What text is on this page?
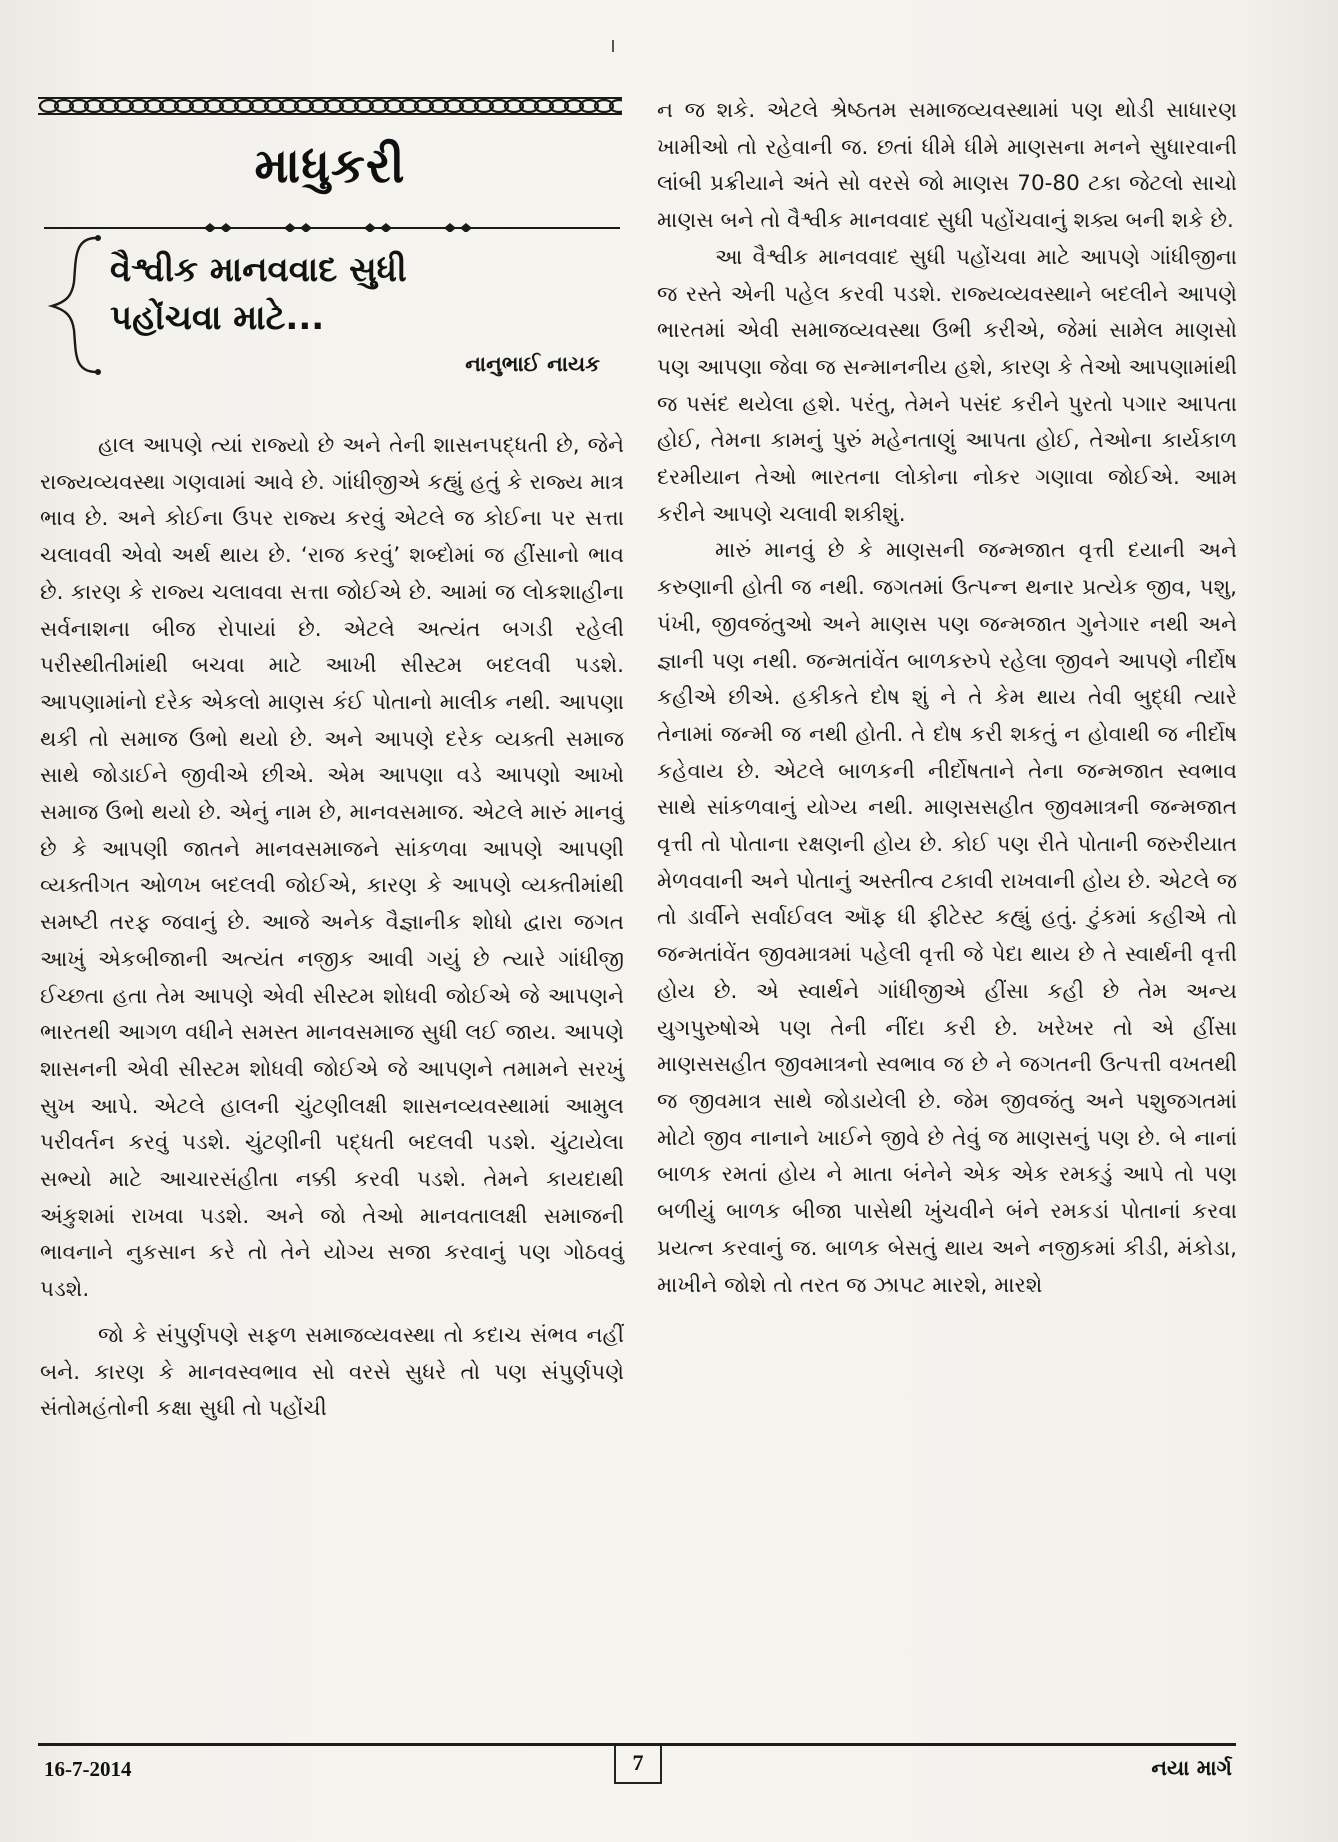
માધુકરી
વૈશ્વીક માનવવાદ સુધી
પહોંચવા માટે...
નાનુભાઈ નાયક

હાલ આપણે ત્યાં રાજ્યો છે અને તેની શાસનપદ્ધતી છે, જેને રાજ્યવ્યવસ્થા ગણવામાં આવે છે. ગાંધીજીએ કહ્યું હતું કે રાજ્ય માત્ર ભાવ છે. અને કોઈના ઉપર રાજ્ય કરવું એટલે જ કોઈના પર સત્તા ચલાવવી એવો અર્થ થાય છે. ‘રાજ કરવું’ શબ્દોમાં જ હીંસાનો ભાવ છે. કારણ કે રાજ્ય ચલાવવા સત્તા જોઈએ છે. આમાં જ લોકશાહીના સર્વનાશના બીજ રોપાયાં છે. એટલે અત્યંત બગડી રહેલી પરીસ્થીતીમાંથી બચવા માટે આખી સીસ્ટમ બદલવી પડશે. આપણામાંનો દરેક એકલો માણસ કંઈ પોતાનો માલીક નથી. આપણા થકી તો સમાજ ઉભો થયો છે. અને આપણે દરેક વ્યક્તી સમાજ સાથે જોડાઈને જીવીએ છીએ. એમ આપણા વડે આપણો આખો સમાજ ઉભો થયો છે. એનું નામ છે, માનવસમાજ. એટલે મારું માનવું છે કે આપણી જાતને માનવસમાજને સાંકળવા આપણે આપણી વ્યક્તીગત ઓળખ બદલવી જોઈએ, કારણ કે આપણે વ્યક્તીમાંથી સમષ્ટી તરફ જવાનું છે. આજે અનેક વૈજ્ઞાનીક શોધો દ્વારા જગત આખું એકબીજાની અત્યંત નજીક આવી ગયું છે ત્યારે ગાંધીજી ઈચ્છતા હતા તેમ આપણે એવી સીસ્ટમ શોધવી જોઈએ જે આપણને ભારતથી આગળ વધીને સમસ્ત માનવસમાજ સુધી લઈ જાય. આપણે શાસનની એવી સીસ્ટમ શોધવી જોઈએ જે આપણને તમામને સરખું સુખ આપે. એટલે હાલની ચુંટણીલક્ષી શાસનવ્યવસ્થામાં આમુલ પરીવર્તન કરવું પડશે. ચુંટણીની પદ્ધતી બદલવી પડશે. ચુંટાયેલા સભ્યો માટે આચારસંહીતા નક્કી કરવી પડશે. તેમને કાયદાથી અંકુશમાં રાખવા પડશે. અને જો તેઓ માનવતાલક્ષી સમાજની ભાવનાને નુકસાન કરે તો તેને યોગ્ય સજા કરવાનું પણ ગોઠવવું પડશે.

જો કે સંપુર્ણપણે સફળ સમાજવ્યવસ્થા તો કદાચ સંભવ નહીં બને. કારણ કે માનવસ્વભાવ સો વરસે સુધરે તો પણ સંપુર્ણપણે સંતોમહંતોની કક્ષા સુધી તો પહોંચી

ન જ શકે. એટલે શ્રેષ્ઠતમ સમાજવ્યવસ્થામાં પણ થોડી સાધારણ ખામીઓ તો રહેવાની જ. છતાં ધીમે ધીમે માણસના મનને સુધારવાની લાંબી પ્રક્રીયાને અંતે સો વરસે જો માણસ 70-80 ટકા જેટલો સાચો માણસ બને તો વૈશ્વીક માનવવાદ સુધી પહોંચવાનું શક્ય બની શકે છે.

આ વૈશ્વીક માનવવાદ સુધી પહોંચવા માટે આપણે ગાંધીજીના જ રસ્તે એની પહેલ કરવી પડશે. રાજ્યવ્યવસ્થાને બદલીને આપણે ભારતમાં એવી સમાજવ્યવસ્થા ઉભી કરીએ, જેમાં સામેલ માણસો પણ આપણા જેવા જ સન્માનનીય હશે, કારણ કે તેઓ આપણામાંથી જ પસંદ થયેલા હશે. પરંતુ, તેમને પસંદ કરીને પુરતો પગાર આપતા હોઈ, તેમના કામનું પુરું મહેનતાણું આપતા હોઈ, તેઓના કાર્યકાળ દરમીયાન તેઓ ભારતના લોકોના નોકર ગણાવા જોઈએ. આમ કરીને આપણે ચલાવી શકીશું.

મારું માનવું છે કે માણસની જન્મજાત વૃત્તી દયાની અને કરુણાની હોતી જ નથી. જગતમાં ઉત્પન્ન થનાર પ્રત્યેક જીવ, પશુ, પંખી, જીવજંતુઓ અને માણસ પણ જન્મજાત ગુનેગાર નથી અને જ્ઞાની પણ નથી. જન્મતાંવેંત બાળકરુપે રહેલા જીવને આપણે નીર્દોષ કહીએ છીએ. હકીકતે દોષ શું ને તે કેમ થાય તેવી બુદ્ધી ત્યારે તેનામાં જન્મી જ નથી હોતી. તે દોષ કરી શકતું ન હોવાથી જ નીર્દોષ કહેવાય છે. એટલે બાળકની નીર્દોષતાને તેના જન્મજાત સ્વભાવ સાથે સાંકળવાનું યોગ્ય નથી. માણસસહીત જીવમાત્રની જન્મજાત વૃત્તી તો પોતાના રક્ષણની હોય છે. કોઈ પણ રીતે પોતાની જરુરીયાત મેળવવાની અને પોતાનું અસ્તીત્વ ટકાવી રાખવાની હોય છે. એટલે જ તો ડાર્વીને સર્વાઈવલ ઑફ ધી ફીટેસ્ટ કહ્યું હતું. ટુંકમાં કહીએ તો જન્મતાંવેંત જીવમાત્રમાં પહેલી વૃત્તી જે પેદા થાય છે તે સ્વાર્થની વૃત્તી હોય છે. એ સ્વાર્થને ગાંધીજીએ હીંસા કહી છે તેમ અન્ય યુગપુરુષોએ પણ તેની નીંદા કરી છે. ખરેખર તો એ હીંસા માણસસહીત જીવમાત્રનો સ્વભાવ જ છે ને જગતની ઉત્પત્તી વખતથી જ જીવમાત્ર સાથે જોડાયેલી છે. જેમ જીવજંતુ અને પશુજગતમાં મોટો જીવ નાનાને ખાઈને જીવે છે તેવું જ માણસનું પણ છે. બે નાનાં બાળક રમતાં હોય ને માતા બંનેને એક એક રમકડું આપે તો પણ બળીયું બાળક બીજા પાસેથી ખુંચવીને બંને રમકડાં પોતાનાં કરવા પ્રયત્ન કરવાનું જ. બાળક બેસતું થાય અને નજીકમાં કીડી, મંકોડા, માખીને જોશે તો તરત જ ઝાપટ મારશે, મારશે

16-7-2014	7	નયા માર્ગ
